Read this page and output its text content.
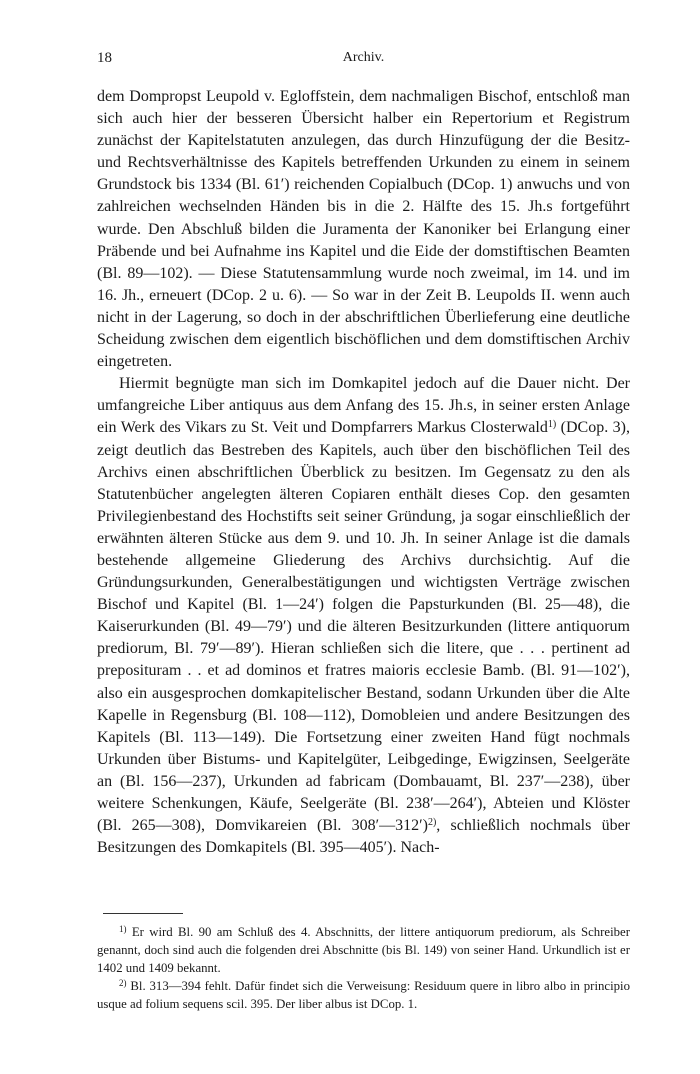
18	Archiv.

dem Dompropst Leupold v. Egloffstein, dem nachmaligen Bischof, entschloß man sich auch hier der besseren Übersicht halber ein Repertorium et Registrum zunächst der Kapitelstatuten anzulegen, das durch Hinzufügung der die Besitz- und Rechtsverhältnisse des Kapitels betreffenden Urkunden zu einem in seinem Grundstock bis 1334 (Bl. 61′) reichenden Copialbuch (DCop. 1) anwuchs und von zahlreichen wechselnden Händen bis in die 2. Hälfte des 15. Jh.s fortgeführt wurde. Den Abschluß bilden die Juramenta der Kanoniker bei Erlangung einer Präbende und bei Aufnahme ins Kapitel und die Eide der domstiftischen Beamten (Bl. 89—102). — Diese Statutensammlung wurde noch zweimal, im 14. und im 16. Jh., erneuert (DCop. 2 u. 6). — So war in der Zeit B. Leupolds II. wenn auch nicht in der Lagerung, so doch in der abschriftlichen Überlieferung eine deutliche Scheidung zwischen dem eigentlich bischöflichen und dem domstiftischen Archiv eingetreten.

Hiermit begnügte man sich im Domkapitel jedoch auf die Dauer nicht. Der umfangreiche Liber antiquus aus dem Anfang des 15. Jh.s, in seiner ersten Anlage ein Werk des Vikars zu St. Veit und Dompfarrers Markus Closterwald$^{1)}$ (DCop. 3), zeigt deutlich das Bestreben des Kapitels, auch über den bischöflichen Teil des Archivs einen abschriftlichen Überblick zu besitzen. Im Gegensatz zu den als Statutenbücher angelegten älteren Copiaren enthält dieses Cop. den gesamten Privilegienbestand des Hochstifts seit seiner Gründung, ja sogar einschließlich der erwähnten älteren Stücke aus dem 9. und 10. Jh. In seiner Anlage ist die damals bestehende allgemeine Gliederung des Archivs durchsichtig. Auf die Gründungsurkunden, Generalbestätigungen und wichtigsten Verträge zwischen Bischof und Kapitel (Bl. 1—24′) folgen die Papsturkunden (Bl. 25—48), die Kaiserurkunden (Bl. 49—79′) und die älteren Besitzurkunden (littere antiquorum prediorum, Bl. 79′—89′). Hieran schließen sich die litere, que . . . pertinent ad preposituram . . et ad dominos et fratres maioris ecclesie Bamb. (Bl. 91—102′), also ein ausgesprochen domkapitelischer Bestand, sodann Urkunden über die Alte Kapelle in Regensburg (Bl. 108—112), Domobleien und andere Besitzungen des Kapitels (Bl. 113—149). Die Fortsetzung einer zweiten Hand fügt nochmals Urkunden über Bistums- und Kapitelgüter, Leibgedinge, Ewigzinsen, Seelgeräte an (Bl. 156—237), Urkunden ad fabricam (Dombauamt, Bl. 237′—238), über weitere Schenkungen, Käufe, Seelgeräte (Bl. 238′—264′), Abteien und Klöster (Bl. 265—308), Domvikareien (Bl. 308′—312′)$^{2)}$, schließlich nochmals über Besitzungen des Domkapitels (Bl. 395—405′). Nach-

$^{1)}$ Er wird Bl. 90 am Schluß des 4. Abschnitts, der littere antiquorum prediorum, als Schreiber genannt, doch sind auch die folgenden drei Abschnitte (bis Bl. 149) von seiner Hand. Urkundlich ist er 1402 und 1409 bekannt.

$^{2)}$ Bl. 313—394 fehlt. Dafür findet sich die Verweisung: Residuum quere in libro albo in principio usque ad folium sequens scil. 395. Der liber albus ist DCop. 1.
